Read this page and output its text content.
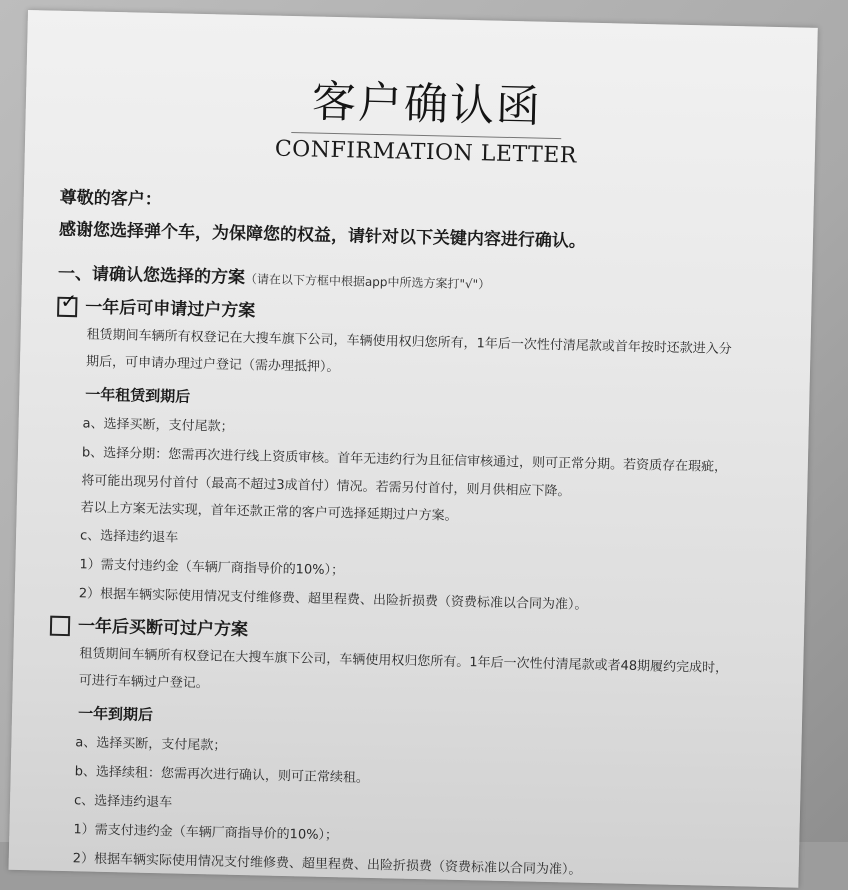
客户确认函
CONFIRMATION LETTER
尊敬的客户：
感谢您选择弹个车，为保障您的权益，请针对以下关键内容进行确认。
一、请确认您选择的方案（请在以下方框中根据app中所选方案打"√"）
✓ 一年后可申请过户方案

租赁期间车辆所有权登记在大搜车旗下公司，车辆使用权归您所有，1年后一次性付清尾款或首年按时还款进入分

期后，可申请办理过户登记（需办理抵押）。

一年租赁到期后
a、选择买断，支付尾款；
b、选择分期：您需再次进行线上资质审核。首年无违约行为且征信审核通过，则可正常分期。若资质存在瑕疵，
将可能出现另付首付（最高不超过3成首付）情况。若需另付首付，则月供相应下降。
若以上方案无法实现，首年还款正常的客户可选择延期过户方案。
c、选择违约退车
1）需支付违约金（车辆厂商指导价的10%）；
2）根据车辆实际使用情况支付维修费、超里程费、出险折损费（资费标准以合同为准）。
一年后买断可过户方案

租赁期间车辆所有权登记在大搜车旗下公司，车辆使用权归您所有。1年后一次性付清尾款或者48期履约完成时，

可进行车辆过户登记。

一年到期后
a、选择买断，支付尾款；
b、选择续租：您需再次进行确认，则可正常续租。
c、选择违约退车
1）需支付违约金（车辆厂商指导价的10%）；
2）根据车辆实际使用情况支付维修费、超里程费、出险折损费（资费标准以合同为准）。
